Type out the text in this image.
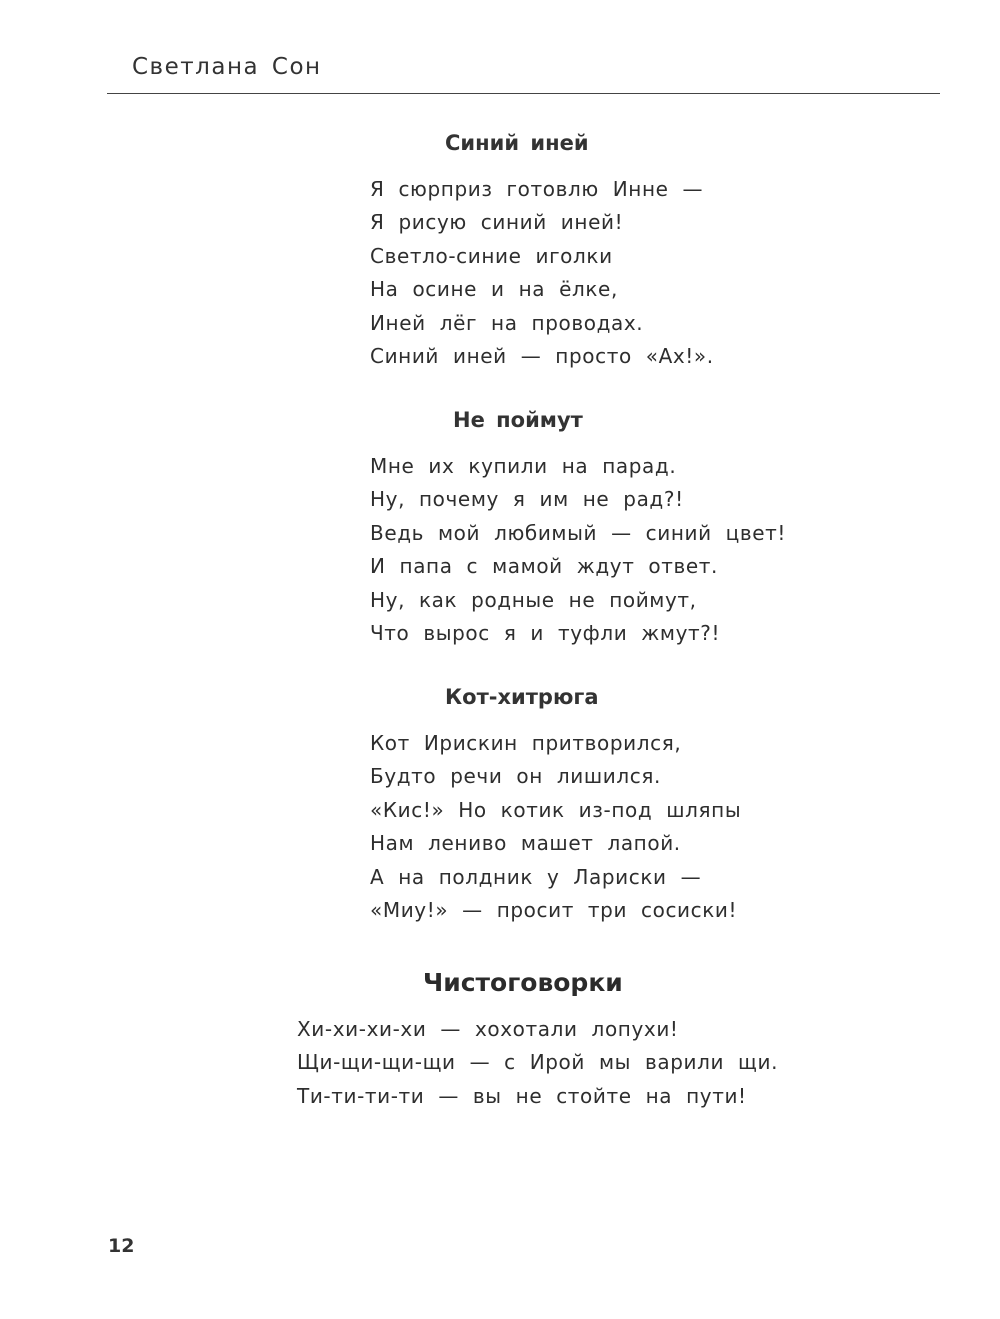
Светлана Сон
Синий иней
Я сюрприз готовлю Инне —
Я рисую синий иней!
Светло-синие иголки
На осине и на ёлке,
Иней лёг на проводах.
Синий иней — просто «Ах!».
Не поймут
Мне их купили на парад.
Ну, почему я им не рад?!
Ведь мой любимый — синий цвет!
И папа с мамой ждут ответ.
Ну, как родные не поймут,
Что вырос я и туфли жмут?!
Кот-хитрюга
Кот Ирискин притворился,
Будто речи он лишился.
«Кис!» Но котик из-под шляпы
Нам лениво машет лапой.
А на полдник у Лариски —
«Миу!» — просит три сосиски!
Чистоговорки
Хи-хи-хи-хи — хохотали лопухи!
Щи-щи-щи-щи — с Ирой мы варили щи.
Ти-ти-ти-ти — вы не стойте на пути!
12
